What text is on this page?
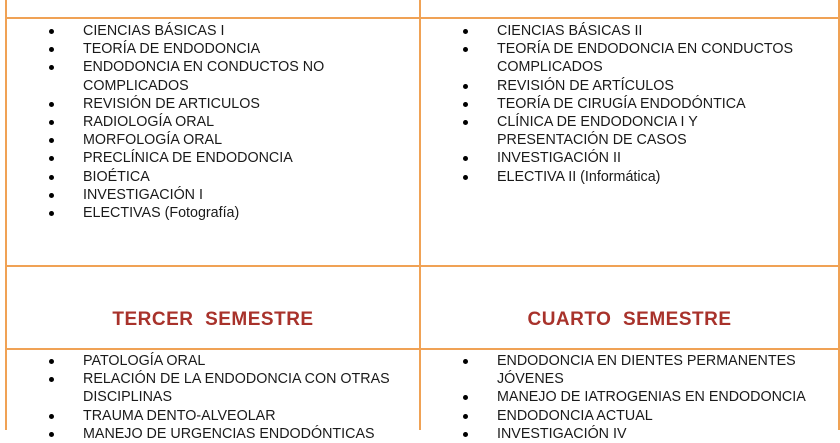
CIENCIAS BÁSICAS I
TEORÍA DE ENDODONCIA
ENDODONCIA EN CONDUCTOS NO COMPLICADOS
REVISIÓN DE ARTICULOS
RADIOLOGÍA ORAL
MORFOLOGÍA ORAL
PRECLÍNICA DE ENDODONCIA
BIOÉTICA
INVESTIGACIÓN I
ELECTIVAS (Fotografía)
CIENCIAS BÁSICAS II
TEORÍA DE ENDODONCIA EN CONDUCTOS COMPLICADOS
REVISIÓN DE ARTÍCULOS
TEORÍA DE CIRUGÍA ENDODÓNTICA
CLÍNICA DE ENDODONCIA I Y PRESENTACIÓN DE CASOS
INVESTIGACIÓN II
ELECTIVA II (Informática)
TERCER  SEMESTRE	CUARTO  SEMESTRE
PATOLOGÍA ORAL
RELACIÓN DE LA ENDODONCIA CON OTRAS DISCIPLINAS
TRAUMA DENTO-ALVEOLAR
MANEJO DE URGENCIAS ENDODÓNTICAS
ENDODONCIA EN DIENTES PERMANENTES JÓVENES
MANEJO DE IATROGENIAS EN ENDODONCIA
ENDODONCIA ACTUAL
INVESTIGACIÓN IV
